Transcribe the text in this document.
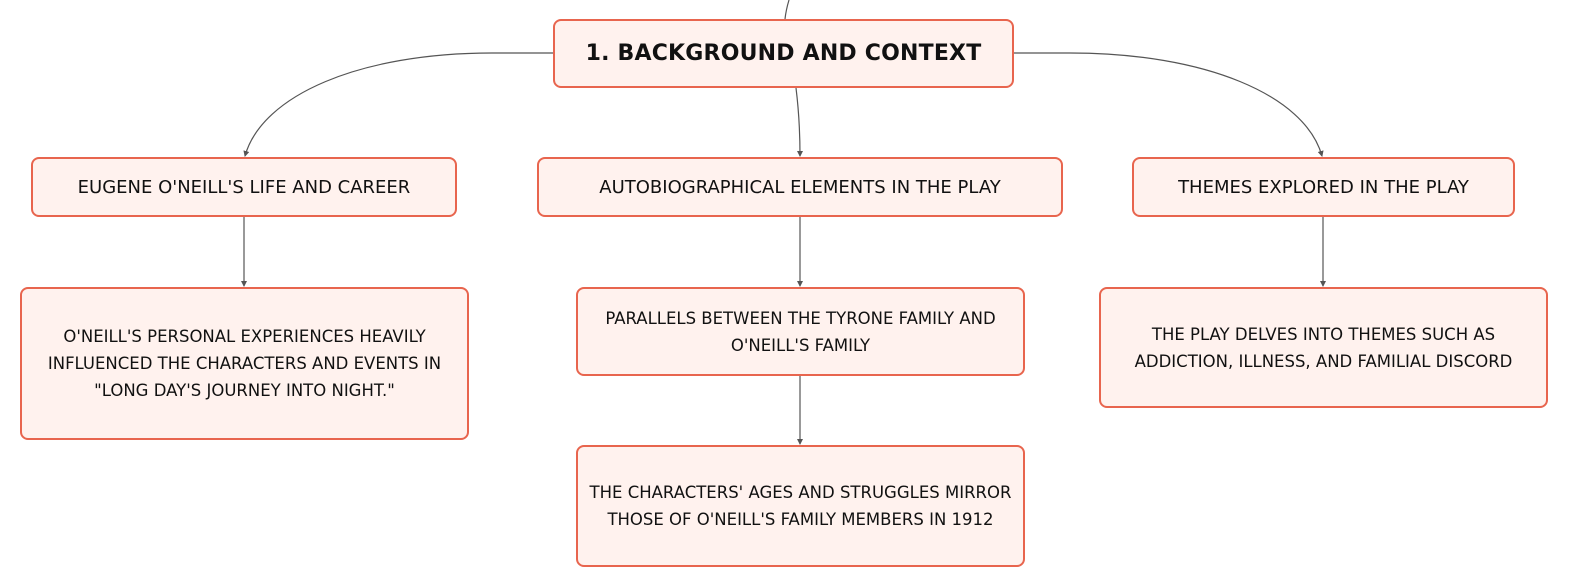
1. BACKGROUND AND CONTEXT
EUGENE O'NEILL'S LIFE AND CAREER	AUTOBIOGRAPHICAL ELEMENTS IN THE PLAY	THEMES EXPLORED IN THE PLAY
O'NEILL'S PERSONAL EXPERIENCES HEAVILY INFLUENCED THE CHARACTERS AND EVENTS IN "LONG DAY'S JOURNEY INTO NIGHT."
PARALLELS BETWEEN THE TYRONE FAMILY AND O'NEILL'S FAMILY
THE CHARACTERS' AGES AND STRUGGLES MIRROR THOSE OF O'NEILL'S FAMILY MEMBERS IN 1912
THE PLAY DELVES INTO THEMES SUCH AS ADDICTION, ILLNESS, AND FAMILIAL DISCORD
